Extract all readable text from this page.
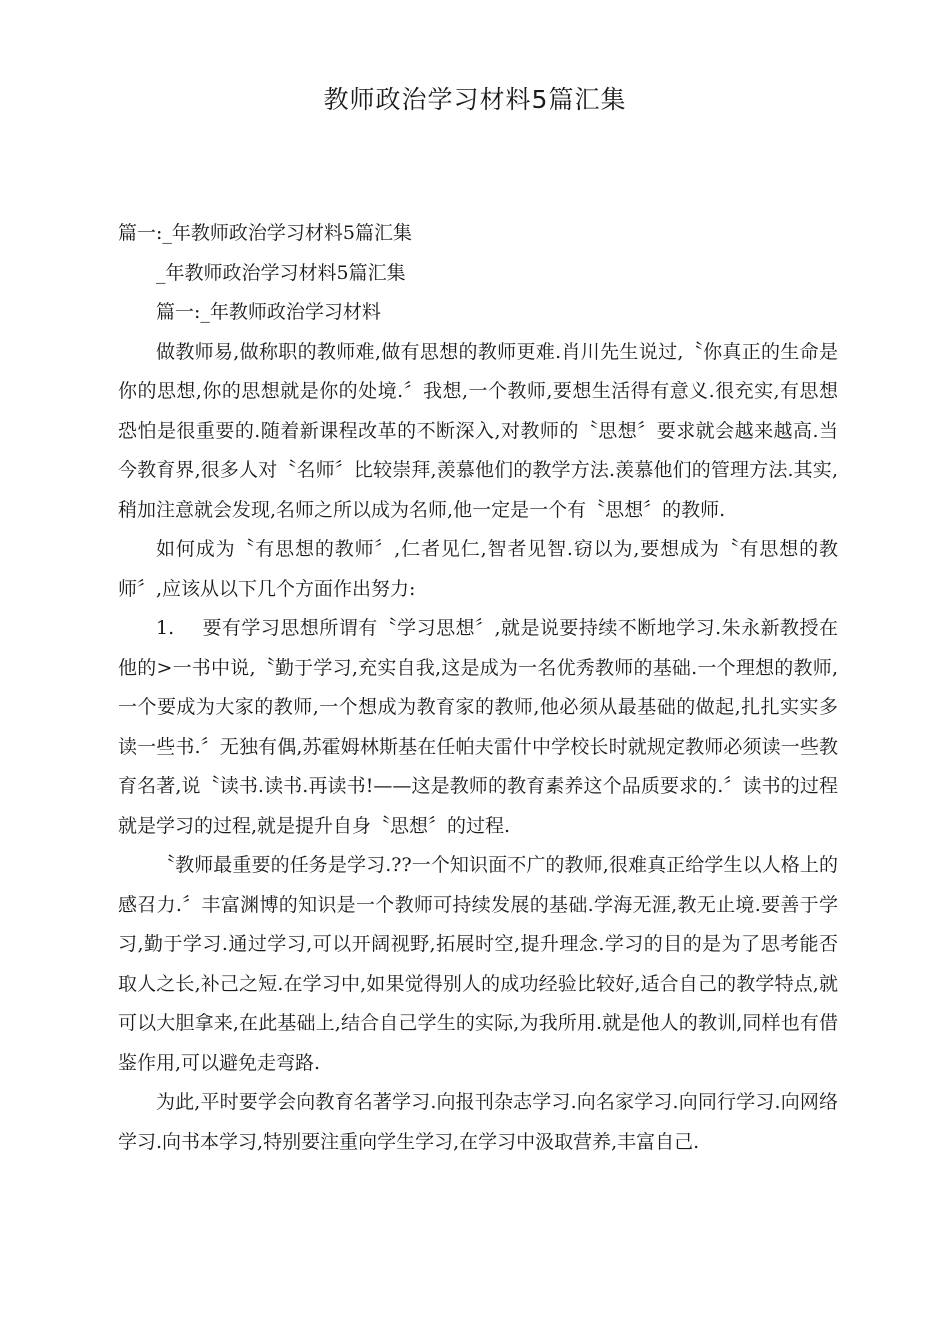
教师政治学习材料5篇汇集

篇一:_年教师政治学习材料5篇汇集

_年教师政治学习材料5篇汇集

篇一:_年教师政治学习材料

做教师易,做称职的教师难,做有思想的教师更难.肖川先生说过,〝你真正的生命是你的思想,你的思想就是你的处境.〞我想,一个教师,要想生活得有意义.很充实,有思想恐怕是很重要的.随着新课程改革的不断深入,对教师的〝思想〞要求就会越来越高.当今教育界,很多人对〝名师〞比较崇拜,羡慕他们的教学方法.羡慕他们的管理方法.其实,稍加注意就会发现,名师之所以成为名师,他一定是一个有〝思想〞的教师.

如何成为〝有思想的教师〞,仁者见仁,智者见智.窃以为,要想成为〝有思想的教师〞,应该从以下几个方面作出努力:

1. 要有学习思想所谓有〝学习思想〞,就是说要持续不断地学习.朱永新教授在他的>一书中说,〝勤于学习,充实自我,这是成为一名优秀教师的基础.一个理想的教师,一个要成为大家的教师,一个想成为教育家的教师,他必须从最基础的做起,扎扎实实多读一些书.〞无独有偶,苏霍姆林斯基在任帕夫雷什中学校长时就规定教师必须读一些教育名著,说〝读书.读书.再读书!——这是教师的教育素养这个品质要求的.〞读书的过程就是学习的过程,就是提升自身〝思想〞的过程.

〝教师最重要的任务是学习.??一个知识面不广的教师,很难真正给学生以人格上的感召力.〞丰富渊博的知识是一个教师可持续发展的基础.学海无涯,教无止境.要善于学习,勤于学习.通过学习,可以开阔视野,拓展时空,提升理念.学习的目的是为了思考能否取人之长,补己之短.在学习中,如果觉得别人的成功经验比较好,适合自己的教学特点,就可以大胆拿来,在此基础上,结合自己学生的实际,为我所用.就是他人的教训,同样也有借鉴作用,可以避免走弯路.

为此,平时要学会向教育名著学习.向报刊杂志学习.向名家学习.向同行学习.向网络学习.向书本学习,特别要注重向学生学习,在学习中汲取营养,丰富自己.
